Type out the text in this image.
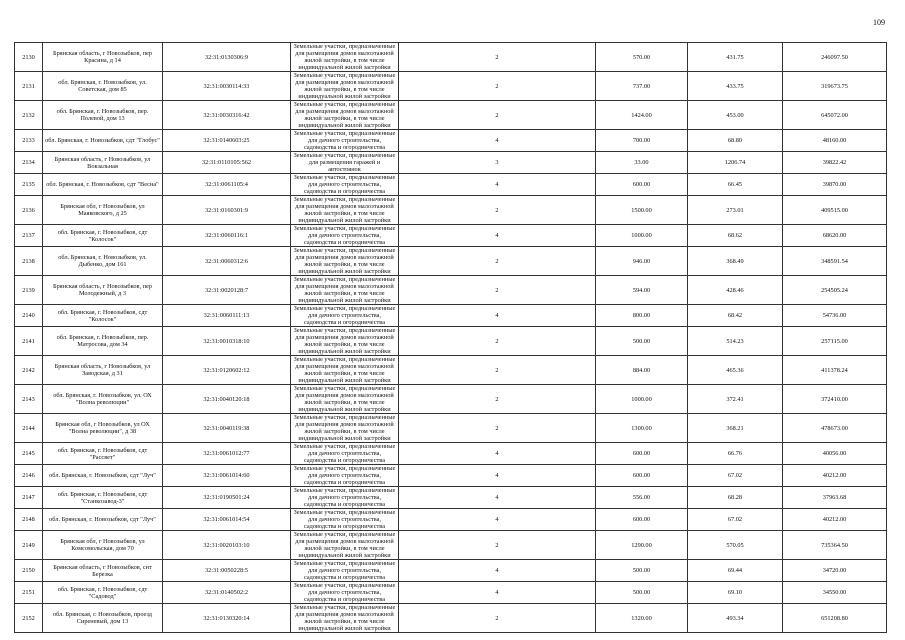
109
2130	Брянская область, г Новозыбков, пер Красина, д 14	32:31:0130306:9	Земельные участки, предназначенные для размещения домов малоэтажной жилой застройки, в том числе индивидуальной жилой застройки	2	570.00	431.75	246097.50
2131	обл. Брянская, г. Новозыбков, ул. Советская, дом 85	32:31:0030114:33	Земельные участки, предназначенные для размещения домов малоэтажной жилой застройки, в том числе индивидуальной жилой застройки	2	737.00	433.75	319673.75
2132	обл. Брянская, г. Новозыбков, пер. Полевой, дом 13	32:31:0030316:42	Земельные участки, предназначенные для размещения домов малоэтажной жилой застройки, в том числе индивидуальной жилой застройки	2	1424.00	453.00	645072.00
2133	обл. Брянская, г. Новозыбков, сдт "Глобус"	32:31:0140603:25	Земельные участки, предназначенные для дачного строительства, садоводства и огородничества	4	700.00	68.80	48160.00
2134	Брянская область, г Новозыбков, ул Вокзальная	32:31:0110105:562	Земельные участки, предназначенные для размещения гаражей и автостоянок	3	33.00	1206.74	39822.42
2135	обл. Брянская, г. Новозыбков, сдт "Весна"	32:31:0061105:4	Земельные участки, предназначенные для дачного строительства, садоводства и огородничества	4	600.00	66.45	39870.00
2136	Брянская обл, г Новозыбков, ул Маяковского, д 25	32:31:0160301:9	Земельные участки, предназначенные для размещения домов малоэтажной жилой застройки, в том числе индивидуальной жилой застройки	2	1500.00	273.01	409515.00
2137	обл. Брянская, г. Новозыбков, сдт "Колосок"	32:31:0060116:1	Земельные участки, предназначенные для дачного строительства, садоводства и огородничества	4	1000.00	68.62	68620.00
2138	обл. Брянская, г. Новозыбков, ул. Дыбенко, дом 161	32:31:0060312:6	Земельные участки, предназначенные для размещения домов малоэтажной жилой застройки, в том числе индивидуальной жилой застройки	2	946.00	368.49	348591.54
2139	Брянская область, г Новозыбков, пер Молодежный, д 3	32:31:0020128:7	Земельные участки, предназначенные для размещения домов малоэтажной жилой застройки, в том числе индивидуальной жилой застройки	2	594.00	428.46	254505.24
2140	обл. Брянская, г. Новозыбков, сдт "Колосок"	32:31:0060111:13	Земельные участки, предназначенные для дачного строительства, садоводства и огородничества	4	800.00	68.42	54736.00
2141	обл. Брянская, г. Новозыбков, пер. Матросова, дом 34	32:31:0010318:10	Земельные участки, предназначенные для размещения домов малоэтажной жилой застройки, в том числе индивидуальной жилой застройки	2	500.00	514.23	257115.00
2142	Брянская область, г Новозыбков, ул Заводская, д 31	32:31:0120602:12	Земельные участки, предназначенные для размещения домов малоэтажной жилой застройки, в том числе индивидуальной жилой застройки	2	884.00	465.36	411378.24
2143	обл. Брянская, г. Новозыбков, ул. ОХ "Волна революции"	32:31:0040120:18	Земельные участки, предназначенные для размещения домов малоэтажной жилой застройки, в том числе индивидуальной жилой застройки	2	1000.00	372.41	372410.00
2144	Брянская обл, г Новозыбков, ул ОХ "Волна революции", д 38	32:31:0040119:38	Земельные участки, предназначенные для размещения домов малоэтажной жилой застройки, в том числе индивидуальной жилой застройки	2	1300.00	368.21	478673.00
2145	обл. Брянская, г. Новозыбков, сдт "Рассвет"	32:31:0061012:77	Земельные участки, предназначенные для дачного строительства, садоводства и огородничества	4	600.00	66.76	40056.00
2146	обл. Брянская, г. Новозыбков, сдт "Луч"	32:31:0061014:60	Земельные участки, предназначенные для дачного строительства, садоводства и огородничества	4	600.00	67.02	40212.00
2147	обл. Брянская, г. Новозыбков, сдт "Станкозавод-3"	32:31:0190501:24	Земельные участки, предназначенные для дачного строительства, садоводства и огородничества	4	556.00	68.28	37963.68
2148	обл. Брянская, г. Новозыбков, сдт "Луч"	32:31:0061014:54	Земельные участки, предназначенные для дачного строительства, садоводства и огородничества	4	600.00	67.02	40212.00
2149	Брянская обл, г Новозыбков, ул Комсомольская, дом 70	32:31:0020103:10	Земельные участки, предназначенные для размещения домов малоэтажной жилой застройки, в том числе индивидуальной жилой застройки	2	1290.00	570.05	735364.50
2150	Брянская область, г Новозыбков, снт Березка	32:31:0050228:5	Земельные участки, предназначенные для дачного строительства, садоводства и огородничества	4	500.00	69.44	34720.00
2151	обл. Брянская, г. Новозыбков, сдт "Садовод"	32:31:0140502:2	Земельные участки, предназначенные для дачного строительства, садоводства и огородничества	4	500.00	69.10	34550.00
2152	обл. Брянская, г. Новозыбков, проезд Сиреневый, дом 13	32:31:0130320:14	Земельные участки, предназначенные для размещения домов малоэтажной жилой застройки, в том числе индивидуальной жилой застройки	2	1320.00	493.34	651208.80
